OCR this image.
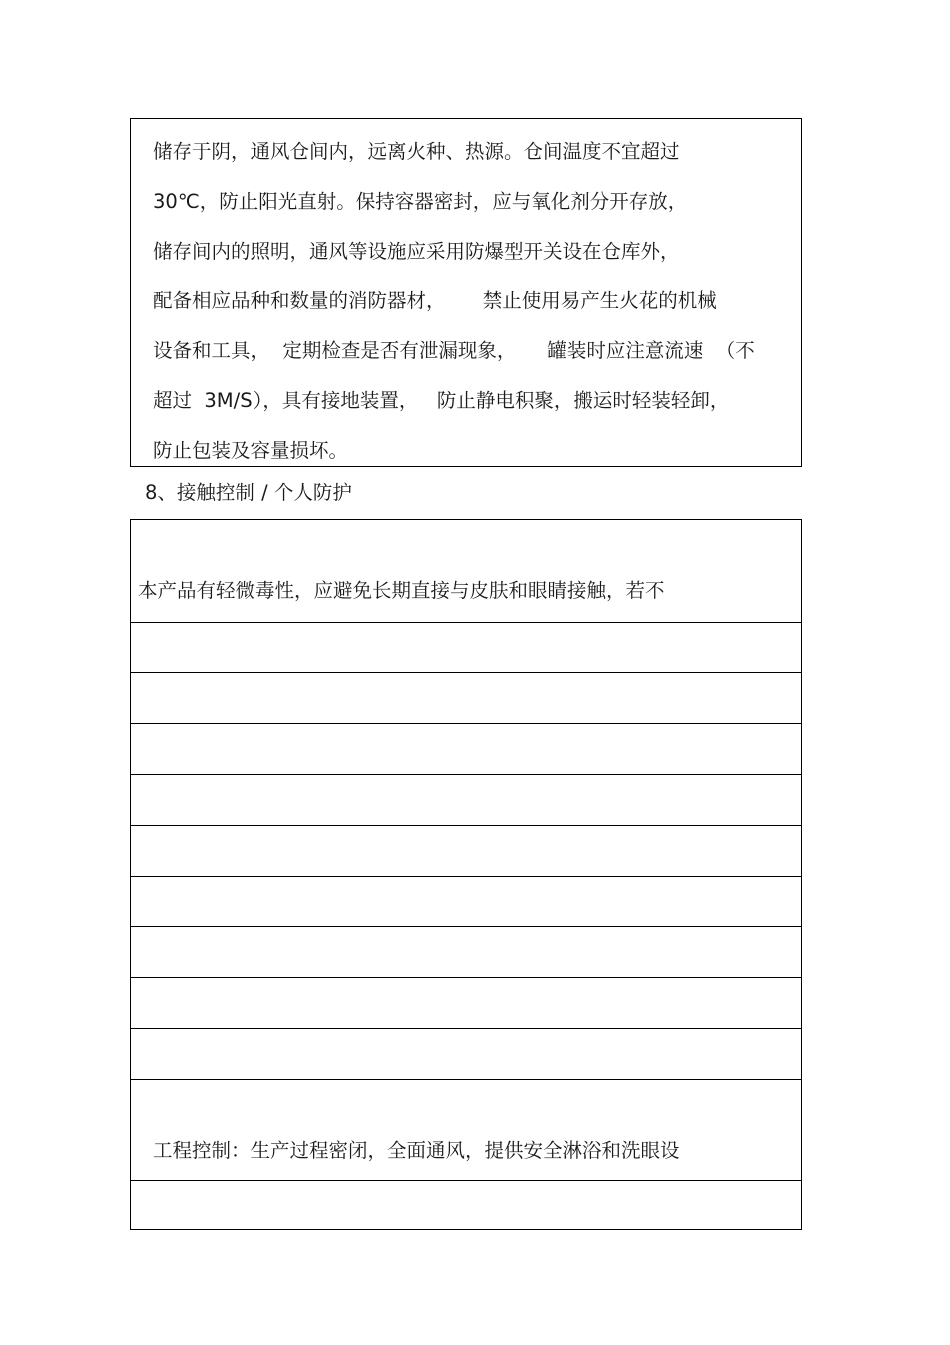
储存于阴，通风仓间内，远离火种、热源。仓间温度不宜超过
30℃，防止阳光直射。保持容器密封，应与氧化剂分开存放，
储存间内的照明，通风等设施应采用防爆型开关设在仓库外，
配备相应品种和数量的消防器材，      禁止使用易产生火花的机械
设备和工具，  定期检查是否有泄漏现象，     罐装时应注意流速  （不
超过  3M/S），具有接地装置，   防止静电积聚，搬运时轻装轻卸，
防止包装及容量损坏。
8、接触控制 / 个人防护

本产品有轻微毒性，应避免长期直接与皮肤和眼睛接触，若不

工程控制：生产过程密闭，全面通风，提供安全淋浴和洗眼设
